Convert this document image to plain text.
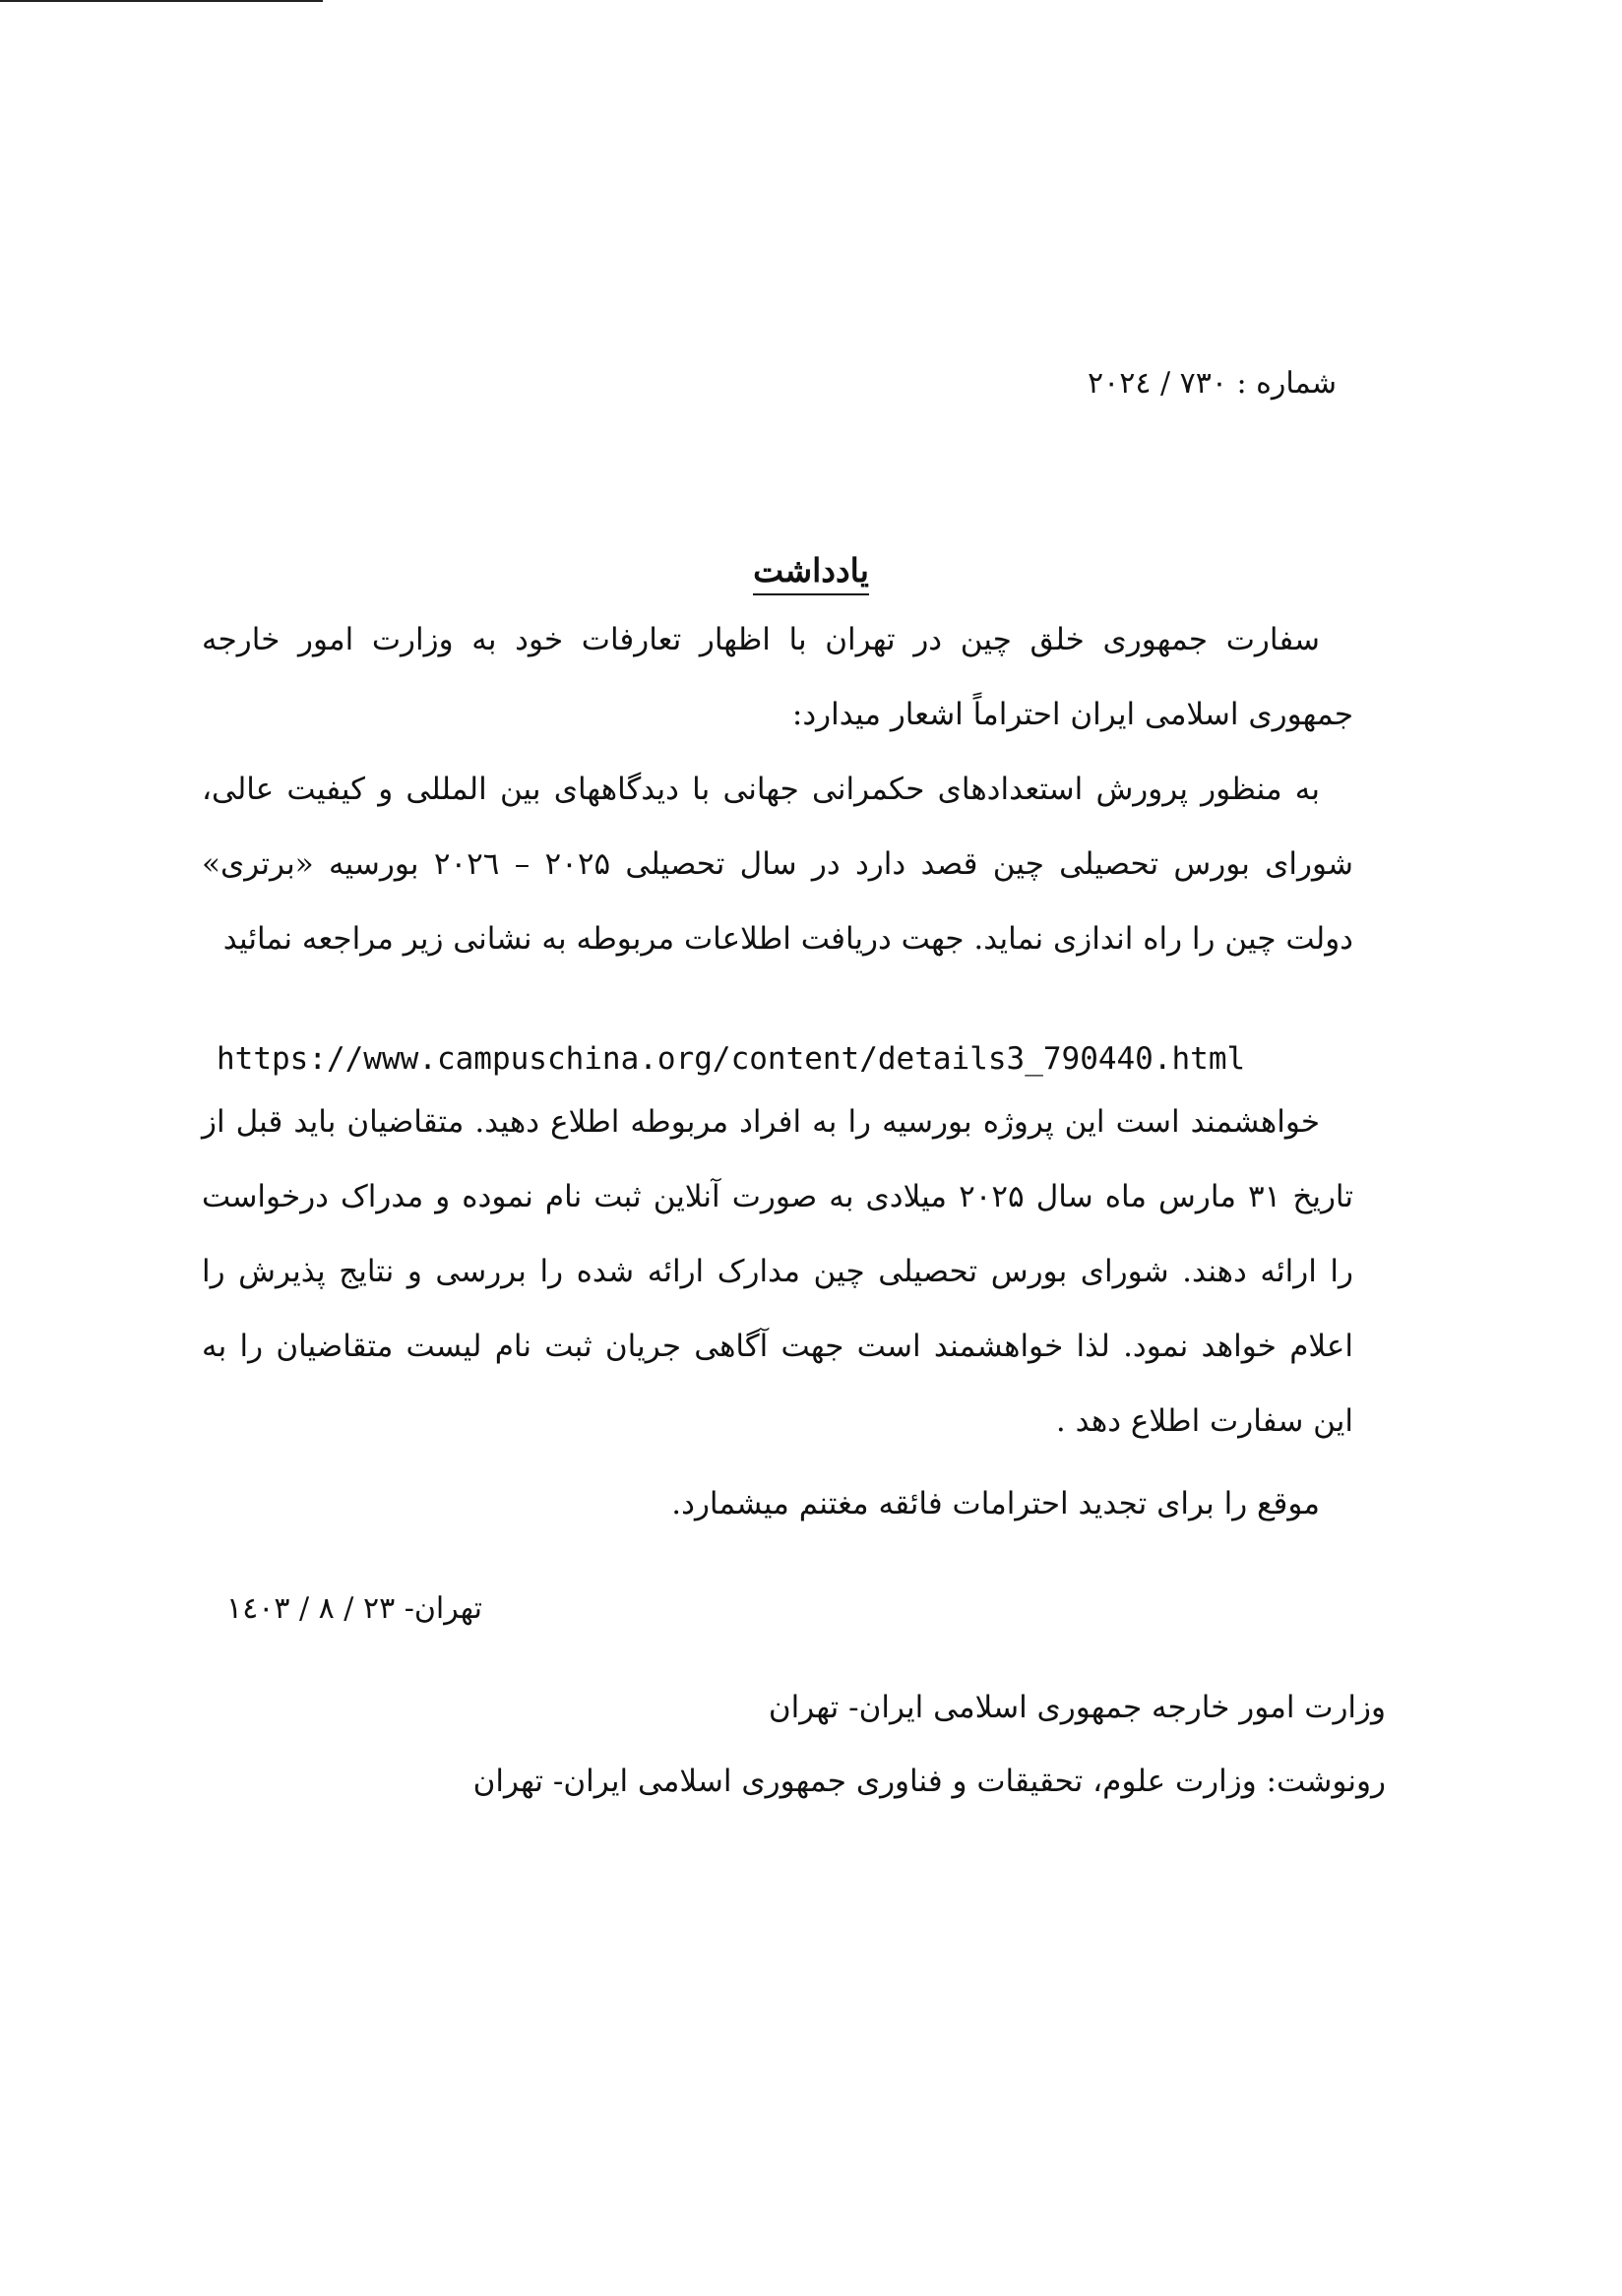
شماره : ۷۳۰ / ۲۰۲٤
يادداشت
سفارت جمهوری خلق چین در تهران با اظهار تعارفات خود به وزارت امور خارجه جمهوری اسلامی ایران احتراماً اشعار میدارد:
به منظور پرورش استعدادهای حکمرانی جهانی با دیدگاههای بین المللی و کیفیت عالی، شورای بورس تحصیلی چین قصد دارد در سال تحصیلی ۲۰۲۵ – ۲۰۲٦ بورسیه «برتری» دولت چین را راه اندازی نماید. جهت دریافت اطلاعات مربوطه به نشانی زیر مراجعه نمائید
https://www.campuschina.org/content/details3_790440.html
خواهشمند است این پروژه بورسیه را به افراد مربوطه اطلاع دهید. متقاضیان باید قبل از تاریخ ۳۱ مارس ماه سال ۲۰۲۵ میلادی به صورت آنلاین ثبت نام نموده و مدراک درخواست را ارائه دهند. شورای بورس تحصیلی چین مدارک ارائه شده را بررسی و نتایج پذیرش را اعلام خواهد نمود. لذا خواهشمند است جهت آگاهی جریان ثبت نام لیست متقاضیان را به این سفارت اطلاع دهد .
موقع را برای تجدید احترامات فائقه مغتنم میشمارد.
تهران- ۲۳ / ۸ / ۱٤۰۳
وزارت امور خارجه جمهوری اسلامی ایران- تهران
رونوشت: وزارت علوم، تحقیقات و فناوری جمهوری اسلامی ایران- تهران
